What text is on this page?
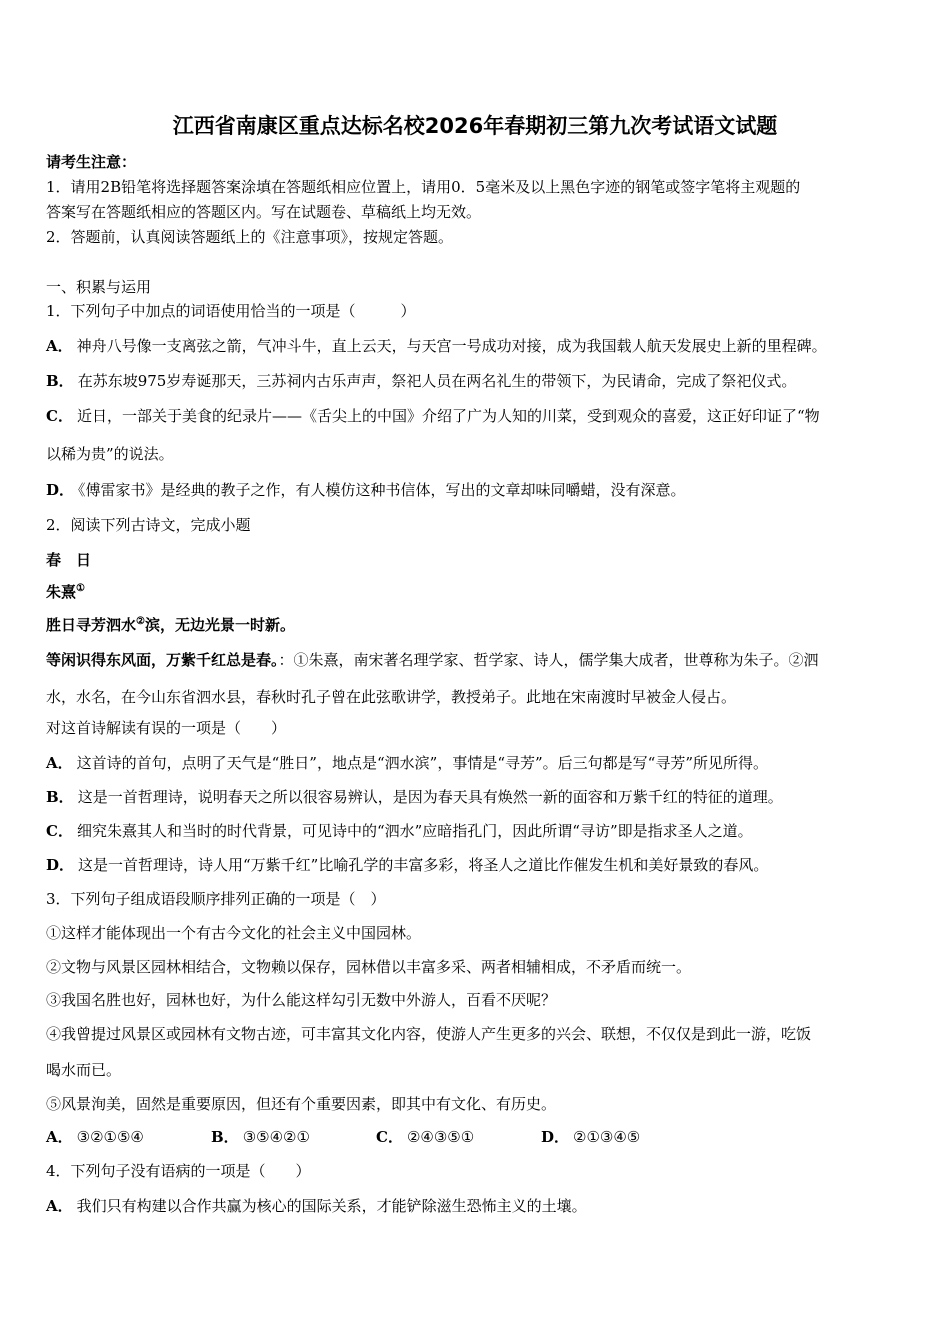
江西省南康区重点达标名校2026年春期初三第九次考试语文试题
请考生注意：
1．请用2B铅笔将选择题答案涂填在答题纸相应位置上，请用0．5毫米及以上黑色字迹的钢笔或签字笔将主观题的
答案写在答题纸相应的答题区内。写在试题卷、草稿纸上均无效。
2．答题前，认真阅读答题纸上的《注意事项》，按规定答题。
一、积累与运用
1．下列句子中加点的词语使用恰当的一项是（　　　）
A． 神舟八号像一支离弦之箭，气冲斗牛，直上云天，与天宫一号成功对接，成为我国载人航天发展史上新的里程碑。
B． 在苏东坡975岁寿诞那天，三苏祠内古乐声声，祭祀人员在两名礼生的带领下，为民请命，完成了祭祀仪式。
C． 近日，一部关于美食的纪录片——《舌尖上的中国》介绍了广为人知的川菜，受到观众的喜爱，这正好印证了“物
以稀为贵”的说法。
D． 《傅雷家书》是经典的教子之作，有人模仿这种书信体，写出的文章却味同嚼蜡，没有深意。
2．阅读下列古诗文，完成小题
春　日
朱熹①
胜日寻芳泗水②滨，无边光景一时新。
等闲识得东风面，万紫千红总是春。：①朱熹，南宋著名理学家、哲学家、诗人，儒学集大成者，世尊称为朱子。②泗
水，水名，在今山东省泗水县，春秋时孔子曾在此弦歌讲学，教授弟子。此地在宋南渡时早被金人侵占。
对这首诗解读有误的一项是（　　）
A． 这首诗的首句，点明了天气是“胜日”，地点是“泗水滨”，事情是“寻芳”。后三句都是写“寻芳”所见所得。
B． 这是一首哲理诗，说明春天之所以很容易辨认，是因为春天具有焕然一新的面容和万紫千红的特征的道理。
C． 细究朱熹其人和当时的时代背景，可见诗中的“泗水”应暗指孔门，因此所谓“寻访”即是指求圣人之道。
D． 这是一首哲理诗，诗人用“万紫千红”比喻孔学的丰富多彩，将圣人之道比作催发生机和美好景致的春风。
3．下列句子组成语段顺序排列正确的一项是（　）
①这样才能体现出一个有古今文化的社会主义中国园林。
②文物与风景区园林相结合，文物赖以保存，园林借以丰富多采、两者相辅相成，不矛盾而统一。
③我国名胜也好，园林也好，为什么能这样勾引无数中外游人，百看不厌呢？
④我曾提过风景区或园林有文物古迹，可丰富其文化内容，使游人产生更多的兴会、联想，不仅仅是到此一游，吃饭
喝水而已。
⑤风景洵美，固然是重要原因，但还有个重要因素，即其中有文化、有历史。
A． ③②①⑤④	B． ③⑤④②①	C． ②④③⑤①	D． ②①③④⑤
4．下列句子没有语病的一项是（　　）
A． 我们只有构建以合作共赢为核心的国际关系，才能铲除滋生恐怖主义的土壤。
